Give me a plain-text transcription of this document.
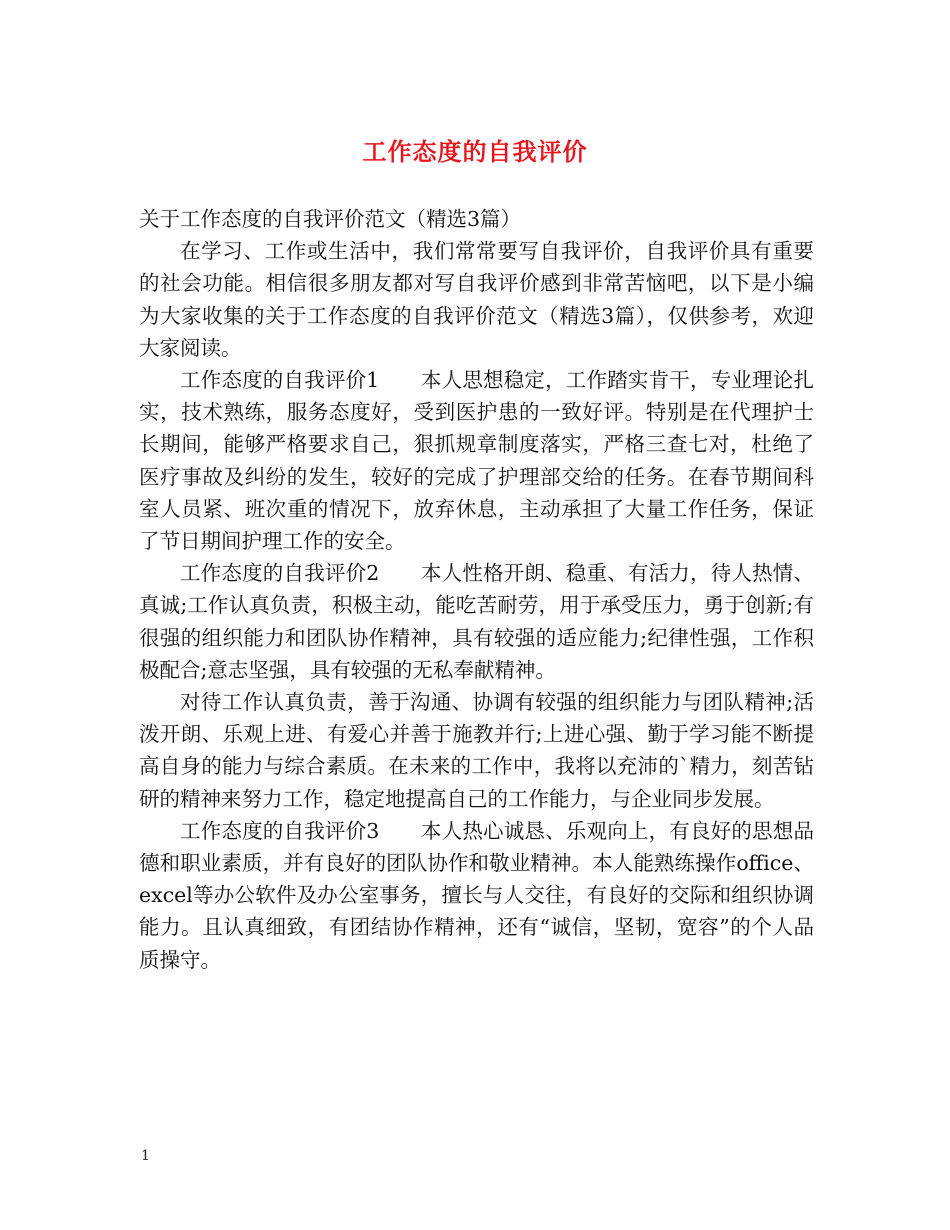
工作态度的自我评价

关于工作态度的自我评价范文（精选3篇）

在学习、工作或生活中，我们常常要写自我评价，自我评价具有重要的社会功能。相信很多朋友都对写自我评价感到非常苦恼吧，以下是小编为大家收集的关于工作态度的自我评价范文（精选3篇），仅供参考，欢迎大家阅读。

工作态度的自我评价1　　本人思想稳定，工作踏实肯干，专业理论扎实，技术熟练，服务态度好，受到医护患的一致好评。特别是在代理护士长期间，能够严格要求自己，狠抓规章制度落实，严格三查七对，杜绝了医疗事故及纠纷的发生，较好的完成了护理部交给的任务。在春节期间科室人员紧、班次重的情况下，放弃休息，主动承担了大量工作任务，保证了节日期间护理工作的安全。

工作态度的自我评价2　　本人性格开朗、稳重、有活力，待人热情、真诚;工作认真负责，积极主动，能吃苦耐劳，用于承受压力，勇于创新;有很强的组织能力和团队协作精神，具有较强的适应能力;纪律性强，工作积极配合;意志坚强，具有较强的无私奉献精神。

对待工作认真负责，善于沟通、协调有较强的组织能力与团队精神;活泼开朗、乐观上进、有爱心并善于施教并行;上进心强、勤于学习能不断提高自身的能力与综合素质。在未来的工作中，我将以充沛的`精力，刻苦钻研的精神来努力工作，稳定地提高自己的工作能力，与企业同步发展。

工作态度的自我评价3　　本人热心诚恳、乐观向上，有良好的思想品德和职业素质，并有良好的团队协作和敬业精神。本人能熟练操作office、excel等办公软件及办公室事务，擅长与人交往，有良好的交际和组织协调能力。且认真细致，有团结协作精神，还有“诚信，坚韧，宽容”的个人品质操守。

1
